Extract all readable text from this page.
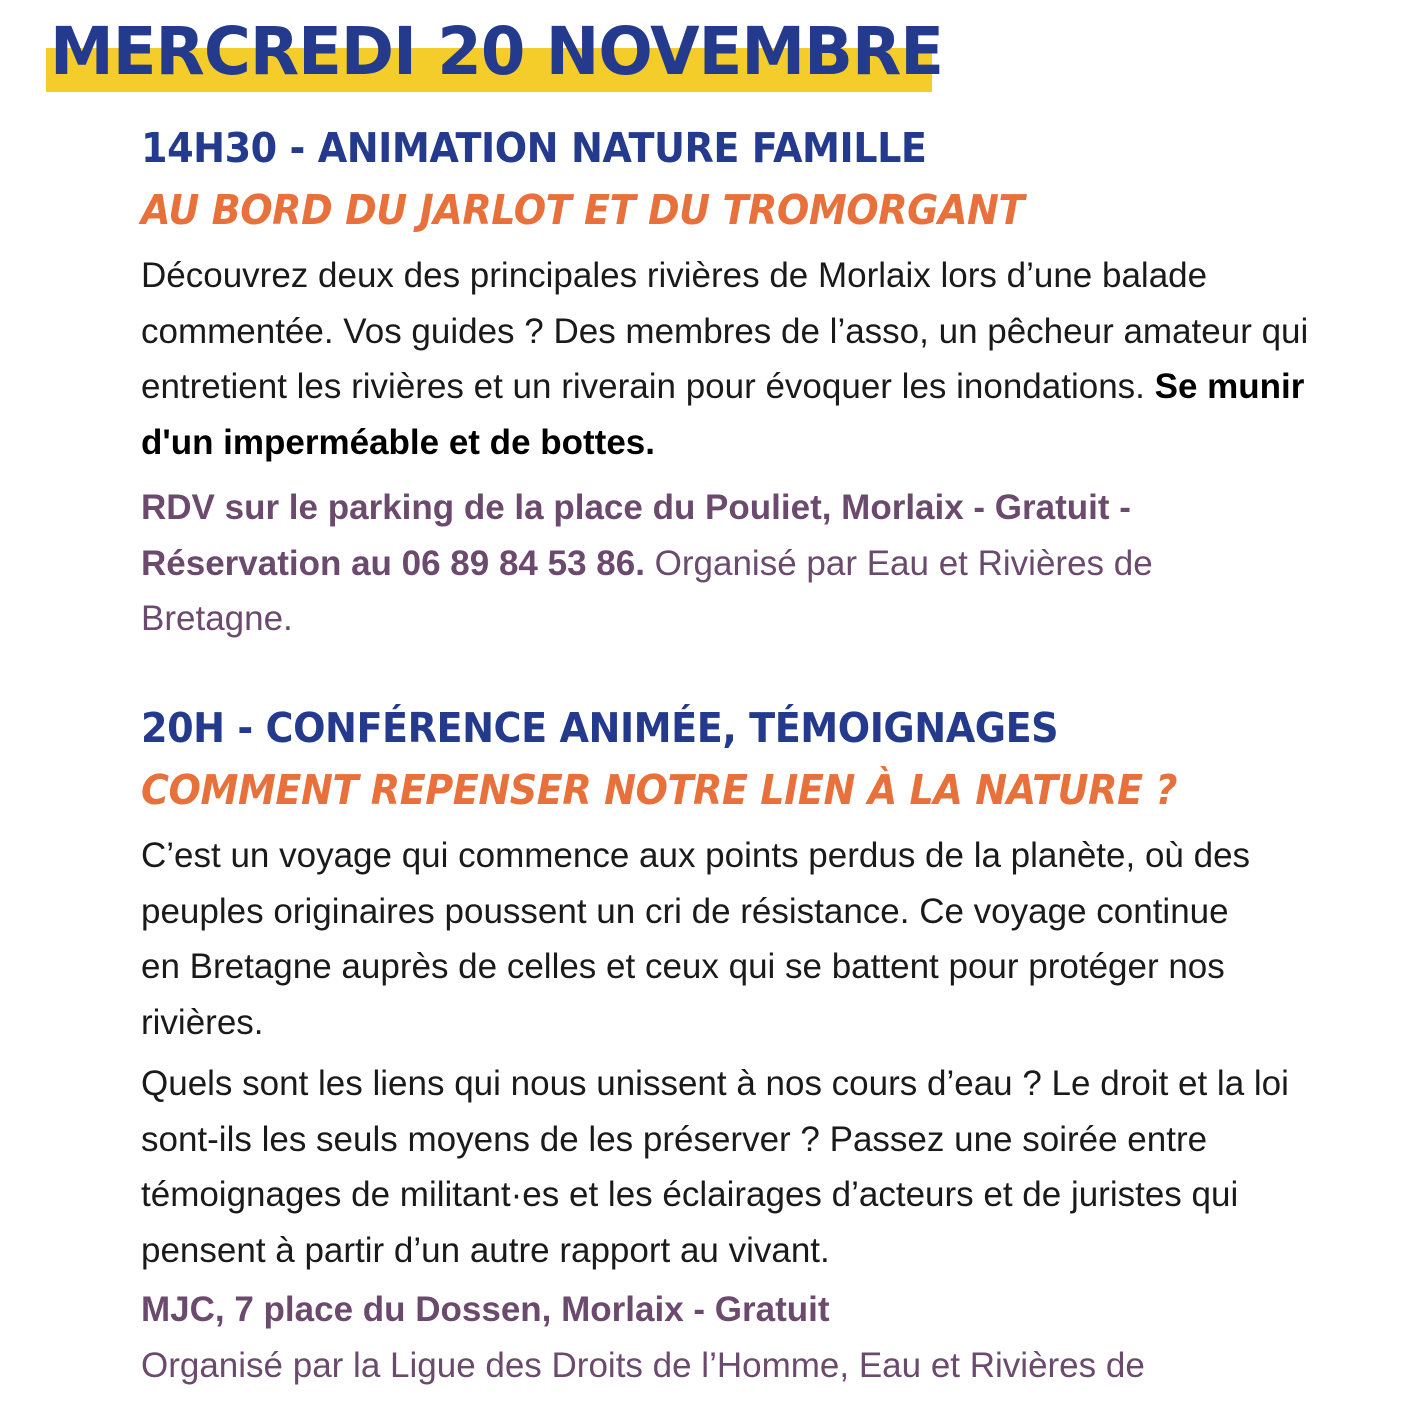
MERCREDI 20 NOVEMBRE
14H30 - ANIMATION NATURE FAMILLE
AU BORD DU JARLOT ET DU TROMORGANT

Découvrez deux des principales rivières de Morlaix lors d’une balade commentée. Vos guides ? Des membres de l’asso, un pêcheur amateur qui entretient les rivières et un riverain pour évoquer les inondations. Se munir d'un imperméable et de bottes.

RDV sur le parking de la place du Pouliet, Morlaix - Gratuit - Réservation au 06 89 84 53 86. Organisé par Eau et Rivières de Bretagne.

20H - CONFÉRENCE ANIMÉE, TÉMOIGNAGES
COMMENT REPENSER NOTRE LIEN À LA NATURE ?

C’est un voyage qui commence aux points perdus de la planète, où des peuples originaires poussent un cri de résistance. Ce voyage continue en Bretagne auprès de celles et ceux qui se battent pour protéger nos rivières.

Quels sont les liens qui nous unissent à nos cours d’eau ? Le droit et la loi sont-ils les seuls moyens de les préserver ? Passez une soirée entre témoignages de militant·es et les éclairages d’acteurs et de juristes qui pensent à partir d’un autre rapport au vivant.

MJC, 7 place du Dossen, Morlaix - Gratuit

Organisé par la Ligue des Droits de l’Homme, Eau et Rivières de
